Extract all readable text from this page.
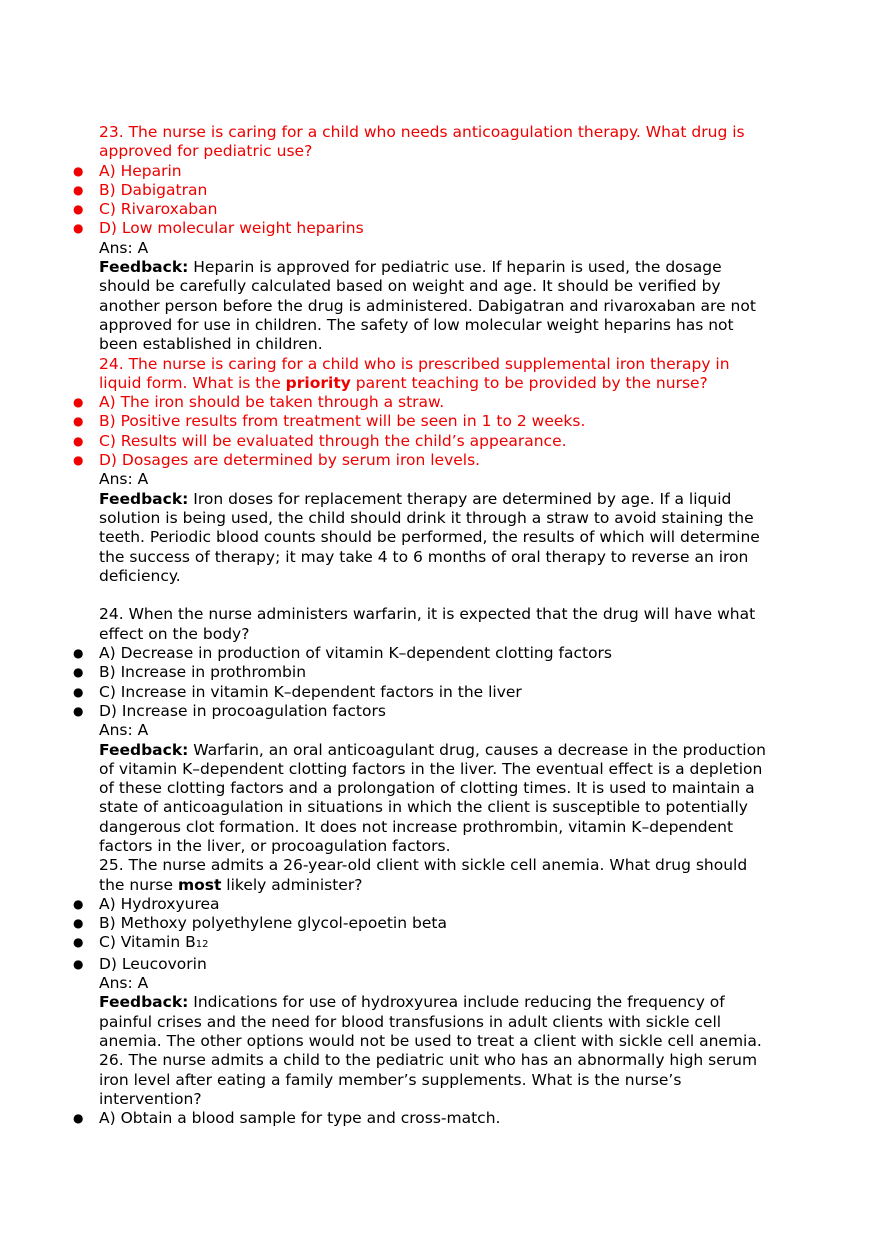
23. The nurse is caring for a child who needs anticoagulation therapy. What drug is
approved for pediatric use?
● A) Heparin
● B) Dabigatran
● C) Rivaroxaban
● D) Low molecular weight heparins
Ans: A
Feedback: Heparin is approved for pediatric use. If heparin is used, the dosage
should be carefully calculated based on weight and age. It should be verified by
another person before the drug is administered. Dabigatran and rivaroxaban are not
approved for use in children. The safety of low molecular weight heparins has not
been established in children.
24. The nurse is caring for a child who is prescribed supplemental iron therapy in
liquid form. What is the priority parent teaching to be provided by the nurse?
● A) The iron should be taken through a straw.
● B) Positive results from treatment will be seen in 1 to 2 weeks.
● C) Results will be evaluated through the child’s appearance.
● D) Dosages are determined by serum iron levels.
Ans: A
Feedback: Iron doses for replacement therapy are determined by age. If a liquid
solution is being used, the child should drink it through a straw to avoid staining the
teeth. Periodic blood counts should be performed, the results of which will determine
the success of therapy; it may take 4 to 6 months of oral therapy to reverse an iron
deficiency.
24. When the nurse administers warfarin, it is expected that the drug will have what
effect on the body?
● A) Decrease in production of vitamin K–dependent clotting factors
● B) Increase in prothrombin
● C) Increase in vitamin K–dependent factors in the liver
● D) Increase in procoagulation factors
Ans: A
Feedback: Warfarin, an oral anticoagulant drug, causes a decrease in the production
of vitamin K–dependent clotting factors in the liver. The eventual effect is a depletion
of these clotting factors and a prolongation of clotting times. It is used to maintain a
state of anticoagulation in situations in which the client is susceptible to potentially
dangerous clot formation. It does not increase prothrombin, vitamin K–dependent
factors in the liver, or procoagulation factors.
25. The nurse admits a 26-year-old client with sickle cell anemia. What drug should
the nurse most likely administer?
● A) Hydroxyurea
● B) Methoxy polyethylene glycol-epoetin beta
● C) Vitamin B12
● D) Leucovorin
Ans: A
Feedback: Indications for use of hydroxyurea include reducing the frequency of
painful crises and the need for blood transfusions in adult clients with sickle cell
anemia. The other options would not be used to treat a client with sickle cell anemia.
26. The nurse admits a child to the pediatric unit who has an abnormally high serum
iron level after eating a family member’s supplements. What is the nurse’s
intervention?
● A) Obtain a blood sample for type and cross-match.
